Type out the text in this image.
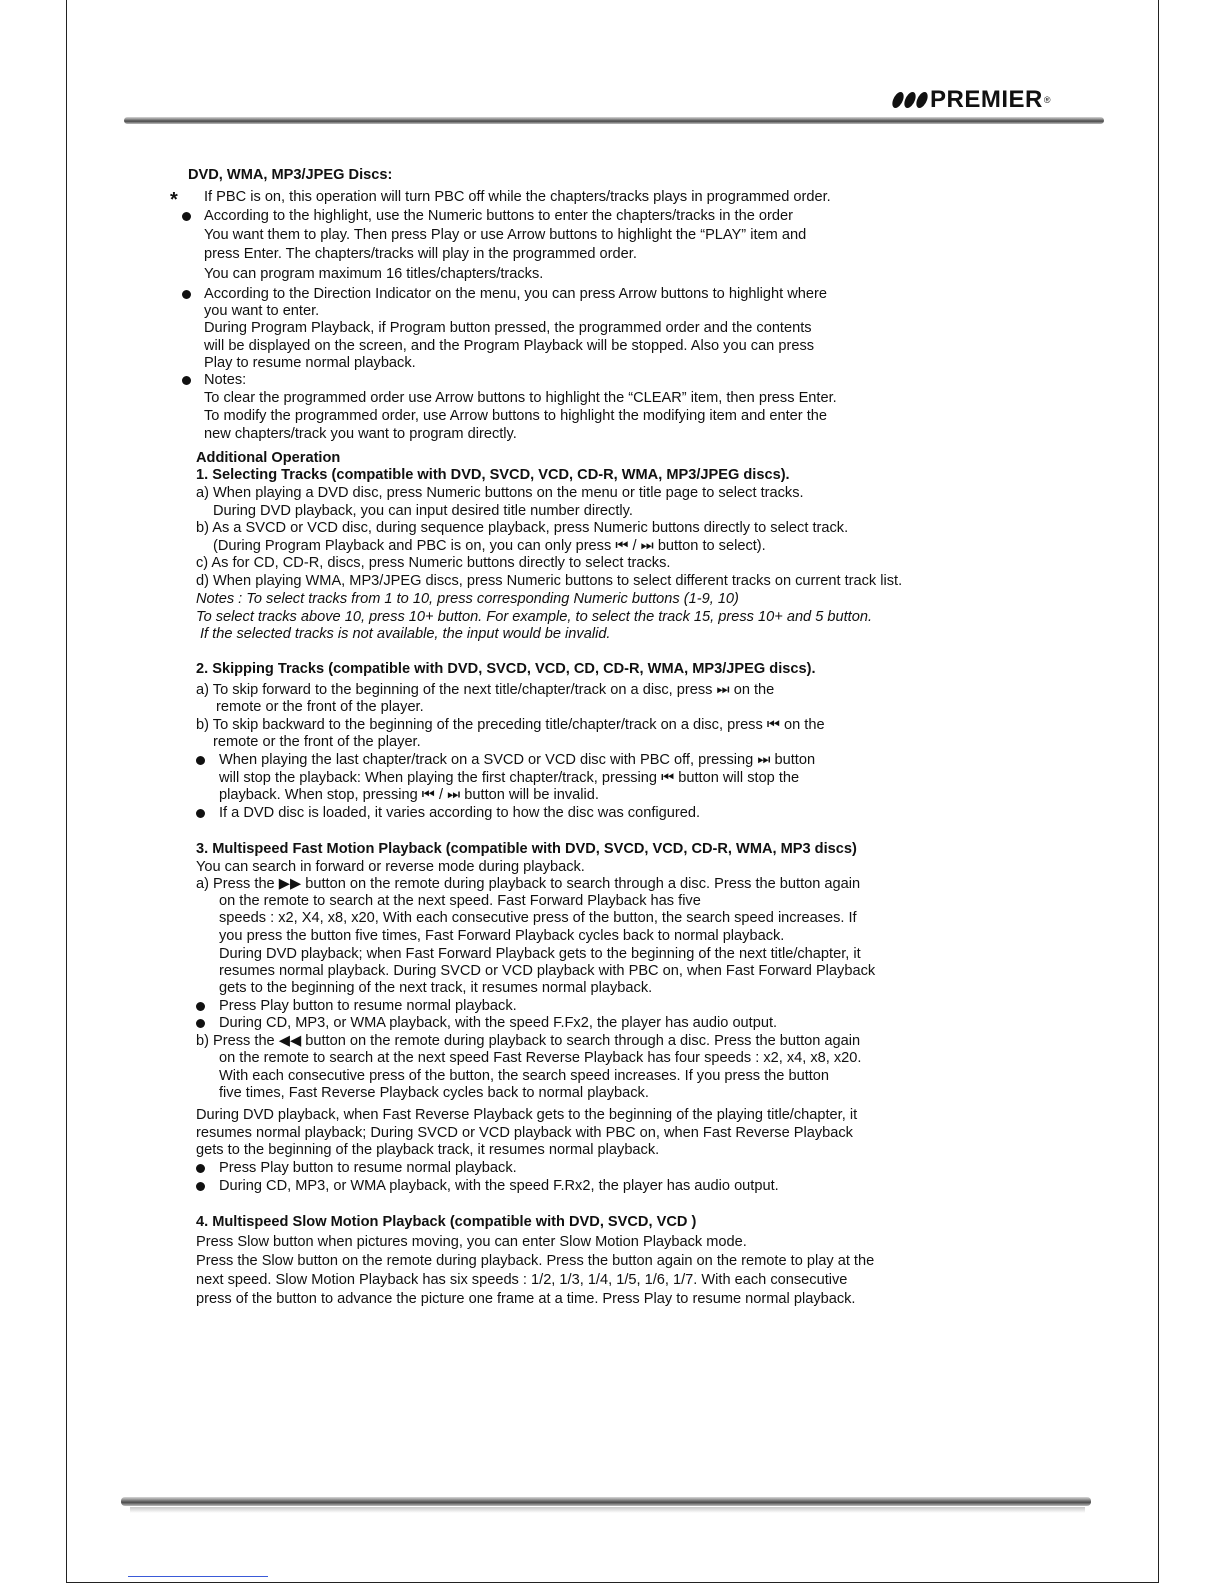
PREMIER ®
DVD, WMA, MP3/JPEG Discs:
If PBC is on, this operation will turn PBC off while the chapters/tracks plays in programmed order.
According to the highlight, use the Numeric buttons to enter the chapters/tracks in the order
You want them to play. Then press Play or use Arrow buttons to highlight the “PLAY” item and
press Enter. The chapters/tracks will play in the programmed order.
You can program maximum 16 titles/chapters/tracks.
According to the Direction Indicator on the menu, you can press Arrow buttons to highlight where
you want to enter.
During Program Playback, if Program button pressed, the programmed order and the contents
will be displayed on the screen, and the Program Playback will be stopped. Also you can press
Play to resume normal playback.
Notes:
To clear the programmed order use Arrow buttons to highlight the “CLEAR” item, then press Enter.
To modify the programmed order, use Arrow buttons to highlight the modifying item and enter the
new chapters/track you want to program directly.
Additional Operation
1. Selecting Tracks (compatible with DVD, SVCD, VCD, CD-R, WMA, MP3/JPEG discs).
a) When playing a DVD disc, press Numeric buttons on the menu or title page to select tracks.
During DVD playback, you can input desired title number directly.
b) As a SVCD or VCD disc, during sequence playback, press Numeric buttons directly to select track.
(During Program Playback and PBC is on, you can only press ⏮ / ⏭ button to select).
c) As for CD, CD-R, discs, press Numeric buttons directly to select tracks.
d) When playing WMA, MP3/JPEG discs, press Numeric buttons to select different tracks on current track list.
Notes : To select tracks from 1 to 10, press corresponding Numeric buttons (1-9, 10)
To select tracks above 10, press 10+ button. For example, to select the track 15, press 10+ and 5 button.
If the selected tracks is not available, the input would be invalid.
2. Skipping Tracks (compatible with DVD, SVCD, VCD, CD, CD-R, WMA, MP3/JPEG discs).
a) To skip forward to the beginning of the next title/chapter/track on a disc, press ⏭ on the
remote or the front of the player.
b) To skip backward to the beginning of the preceding title/chapter/track on a disc, press ⏮ on the
remote or the front of the player.
When playing the last chapter/track on a SVCD or VCD disc with PBC off, pressing ⏭ button
will stop the playback: When playing the first chapter/track, pressing ⏮ button will stop the
playback. When stop, pressing ⏮ / ⏭ button will be invalid.
If a DVD disc is loaded, it varies according to how the disc was configured.
3. Multispeed Fast Motion Playback (compatible with DVD, SVCD, VCD, CD-R, WMA, MP3 discs)
You can search in forward or reverse mode during playback.
a) Press the ▶▶ button on the remote during playback to search through a disc. Press the button again
on the remote to search at the next speed. Fast Forward Playback has five
speeds : x2, X4, x8, x20, With each consecutive press of the button, the search speed increases. If
you press the button five times, Fast Forward Playback cycles back to normal playback.
During DVD playback; when Fast Forward Playback gets to the beginning of the next title/chapter, it
resumes normal playback. During SVCD or VCD playback with PBC on, when Fast Forward Playback
gets to the beginning of the next track, it resumes normal playback.
Press Play button to resume normal playback.
During CD, MP3, or WMA playback, with the speed F.Fx2, the player has audio output.
b) Press the ◀◀ button on the remote during playback to search through a disc. Press the button again
on the remote to search at the next speed Fast Reverse Playback has four speeds : x2, x4, x8, x20.
With each consecutive press of the button, the search speed increases. If you press the button
five times, Fast Reverse Playback cycles back to normal playback.
During DVD playback, when Fast Reverse Playback gets to the beginning of the playing title/chapter, it
resumes normal playback; During SVCD or VCD playback with PBC on, when Fast Reverse Playback
gets to the beginning of the playback track, it resumes normal playback.
Press Play button to resume normal playback.
During CD, MP3, or WMA playback, with the speed F.Rx2, the player has audio output.
4. Multispeed Slow Motion Playback (compatible with DVD, SVCD, VCD )
Press Slow button when pictures moving, you can enter Slow Motion Playback mode.
Press the Slow button on the remote during playback. Press the button again on the remote to play at the
next speed. Slow Motion Playback has six speeds : 1/2, 1/3, 1/4, 1/5, 1/6, 1/7. With each consecutive
press of the button to advance the picture one frame at a time. Press Play to resume normal playback.
*
